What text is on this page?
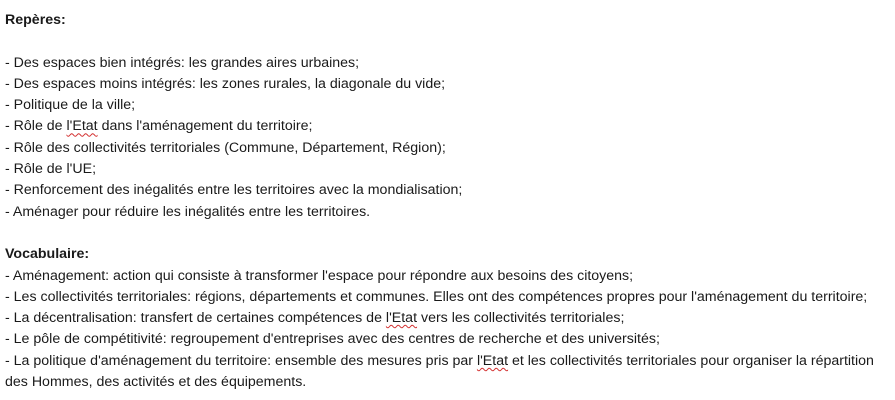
Repères:

- Des espaces bien intégrés: les grandes aires urbaines;

- Des espaces moins intégrés: les zones rurales, la diagonale du vide;

- Politique de la ville;

- Rôle de l'Etat dans l'aménagement du territoire;

- Rôle des collectivités territoriales (Commune, Département, Région);

- Rôle de l'UE;

- Renforcement des inégalités entre les territoires avec la mondialisation;

- Aménager pour réduire les inégalités entre les territoires.

Vocabulaire:

- Aménagement: action qui consiste à transformer l'espace pour répondre aux besoins des citoyens;

- Les collectivités territoriales: régions, départements et communes. Elles ont des compétences propres pour l'aménagement du territoire;

- La décentralisation: transfert de certaines compétences de l'Etat vers les collectivités territoriales;

- Le pôle de compétitivité: regroupement d'entreprises avec des centres de recherche et des universités;

- La politique d'aménagement du territoire: ensemble des mesures pris par l'Etat et les collectivités territoriales pour organiser la répartition des Hommes, des activités et des équipements.
